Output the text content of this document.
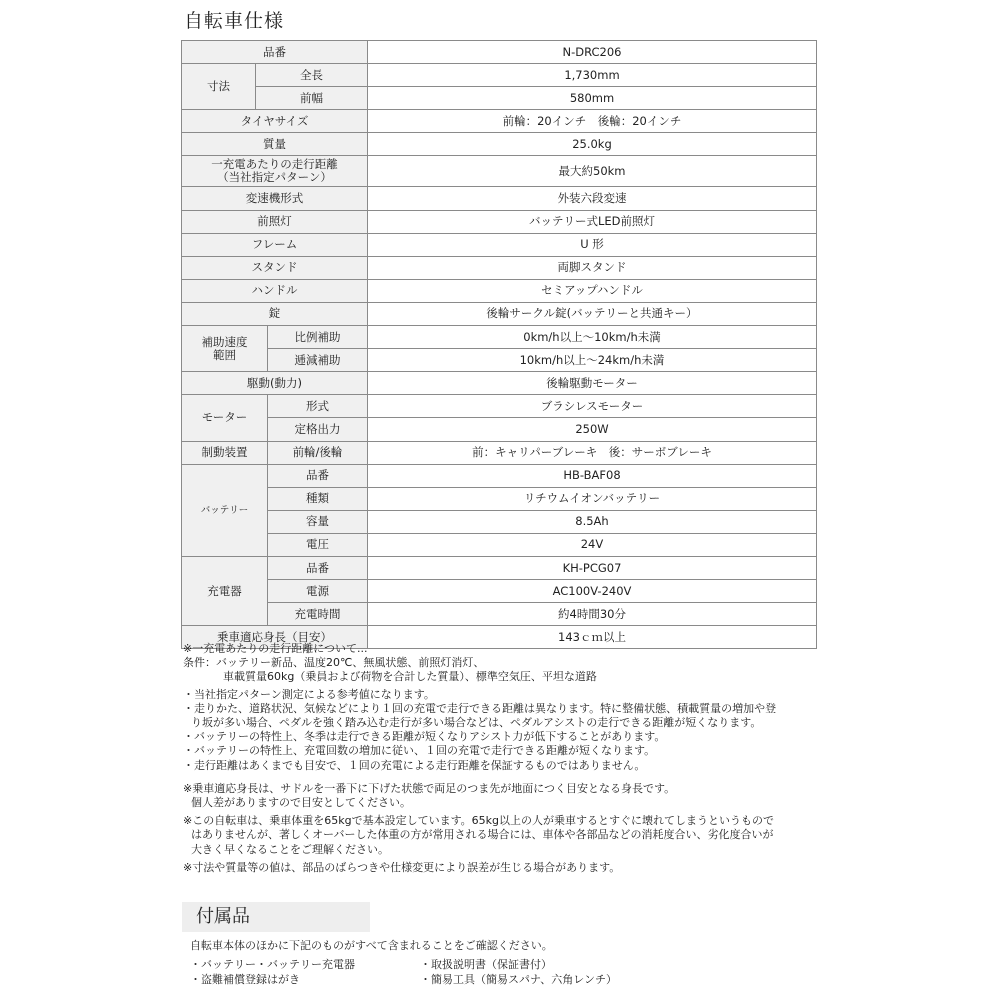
自転車仕様
品番			N-DRC206
寸法	全長		1,730mm
	前幅		580mm
タイヤサイズ			前輪：20インチ　後輪：20インチ
質量			25.0kg

一充電あたりの走行距離
（当社指定パターン）			最大約50km
変速機形式			外装六段変速
前照灯			バッテリー式LED前照灯
フレーム			U 形
スタンド			両脚スタンド
ハンドル			セミアップハンドル
錠			後輪サークル錠(バッテリーと共通キー）

補助速度
範囲		比例補助	0km/h以上～10km/h未満
		逓減補助	10km/h以上～24km/h未満
駆動(動力)			後輪駆動モーター
モーター		形式	ブラシレスモーター
		定格出力	250W
制動装置		前輪/後輪	前：キャリパーブレーキ　後：サーボブレーキ
バッテリー		品番	HB-BAF08
		種類	リチウムイオンバッテリー
		容量	8.5Ah
		電圧	24V
充電器		品番	KH-PCG07
		電源	AC100V-240V
		充電時間	約4時間30分
乗車適応身長（目安）			143ｃｍ以上

※一充電あたりの走行距離について...

条件：バッテリー新品、温度20℃、無風状態、前照灯消灯、

車載質量60kg（乗員および荷物を合計した質量）、標準空気圧、平坦な道路

・当社指定パターン測定による参考値になります。

・走りかた、道路状況、気候などにより１回の充電で走行できる距離は異なります。特に整備状態、積載質量の増加や登

り坂が多い場合、ペダルを強く踏み込む走行が多い場合などは、ペダルアシストの走行できる距離が短くなります。

・バッテリーの特性上、冬季は走行できる距離が短くなりアシスト力が低下することがあります。

・バッテリーの特性上、充電回数の増加に従い、１回の充電で走行できる距離が短くなります。

・走行距離はあくまでも目安で、１回の充電による走行距離を保証するものではありません。

※乗車適応身長は、サドルを一番下に下げた状態で両足のつま先が地面につく目安となる身長です。

個人差がありますので目安としてください。

※この自転車は、乗車体重を65kgで基本設定しています。65kg以上の人が乗車するとすぐに壊れてしまうというもので

はありませんが、著しくオーバーした体重の方が常用される場合には、車体や各部品などの消耗度合い、劣化度合いが

大きく早くなることをご理解ください。

※寸法や質量等の値は、部品のばらつきや仕様変更により誤差が生じる場合があります。

付属品
自転車本体のほかに下記のものがすべて含まれることをご確認ください。
・バッテリー・バッテリー充電器	・取扱説明書（保証書付）
・盗難補償登録はがき	・簡易工具（簡易スパナ、六角レンチ）
